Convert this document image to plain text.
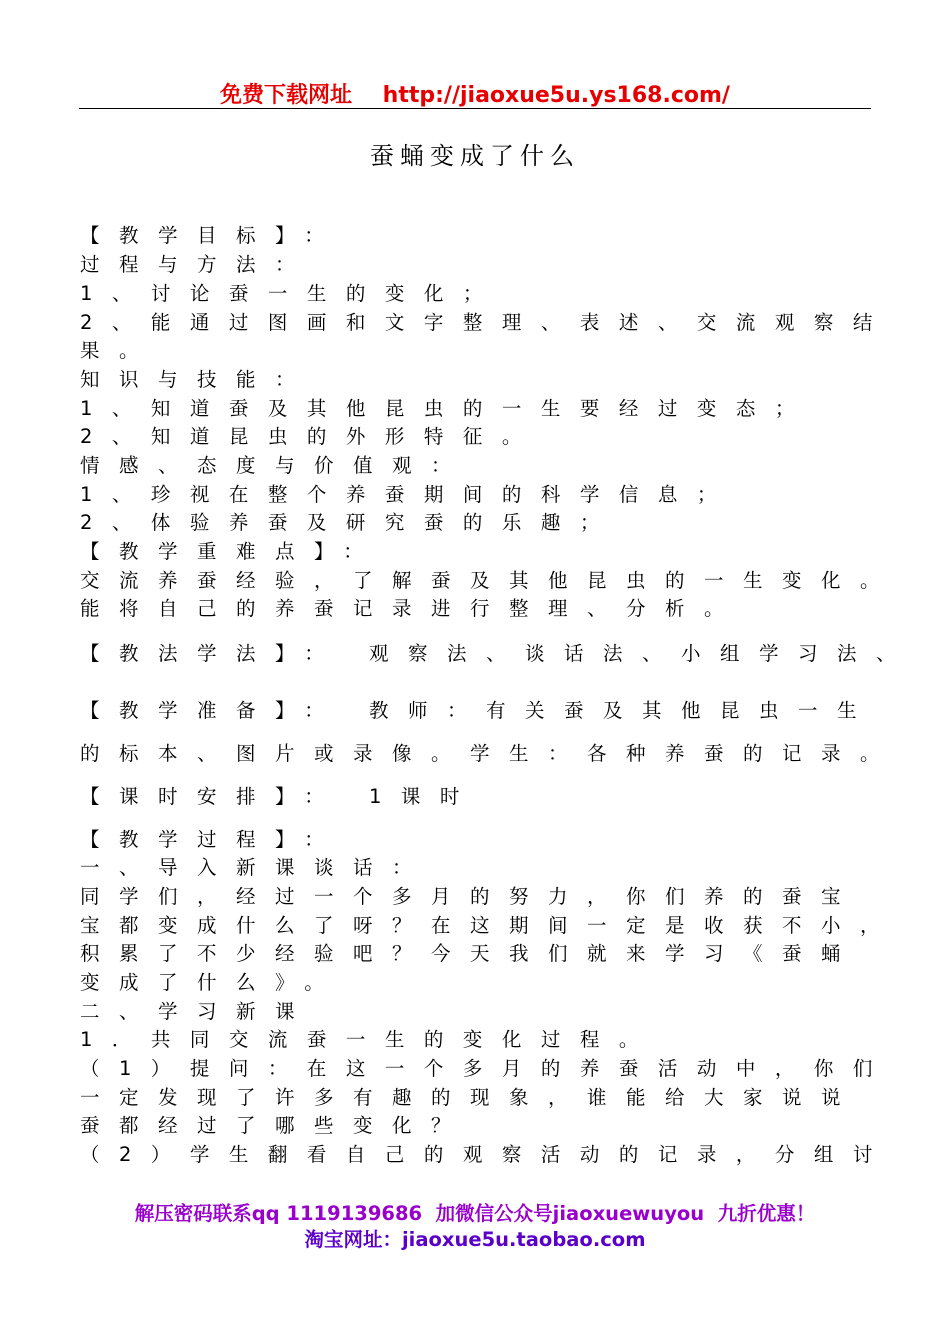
免费下载网址 http://jiaoxue5u.ys168.com/
蚕蛹变成了什么
【教学目标】：
过程与方法：
1、讨论蚕一生的变化；
2、能通过图画和文字整理、表述、交流观察结
果。
知识与技能：
1、知道蚕及其他昆虫的一生要经过变态；
2、知道昆虫的外形特征。
情感、态度与价值观：
1、珍视在整个养蚕期间的科学信息；
2、体验养蚕及研究蚕的乐趣；
【教学重难点】：
交流养蚕经验，了解蚕及其他昆虫的一生变化。
能将自己的养蚕记录进行整理、分析。
【教法学法】： 观察法、谈话法、小组学习法、
【教学准备】： 教师：有关蚕及其他昆虫一生
的标本、图片或录像。学生：各种养蚕的记录。
【课时安排】： 1课时
【教学过程】：
一、导入新课谈话：
同学们，经过一个多月的努力，你们养的蚕宝
宝都变成什么了呀？在这期间一定是收获不小，
积累了不少经验吧？今天我们就来学习《蚕蛹
变成了什么》。
二、学习新课
1．共同交流蚕一生的变化过程。
（1）提问：在这一个多月的养蚕活动中，你们
一定发现了许多有趣的现象，谁能给大家说说
蚕都经过了哪些变化？
（2）学生翻看自己的观察活动的记录，分组讨
解压密码联系qq 1119139686  加微信公众号jiaoxuewuyou  九折优惠！
淘宝网址：jiaoxue5u.taobao.com
